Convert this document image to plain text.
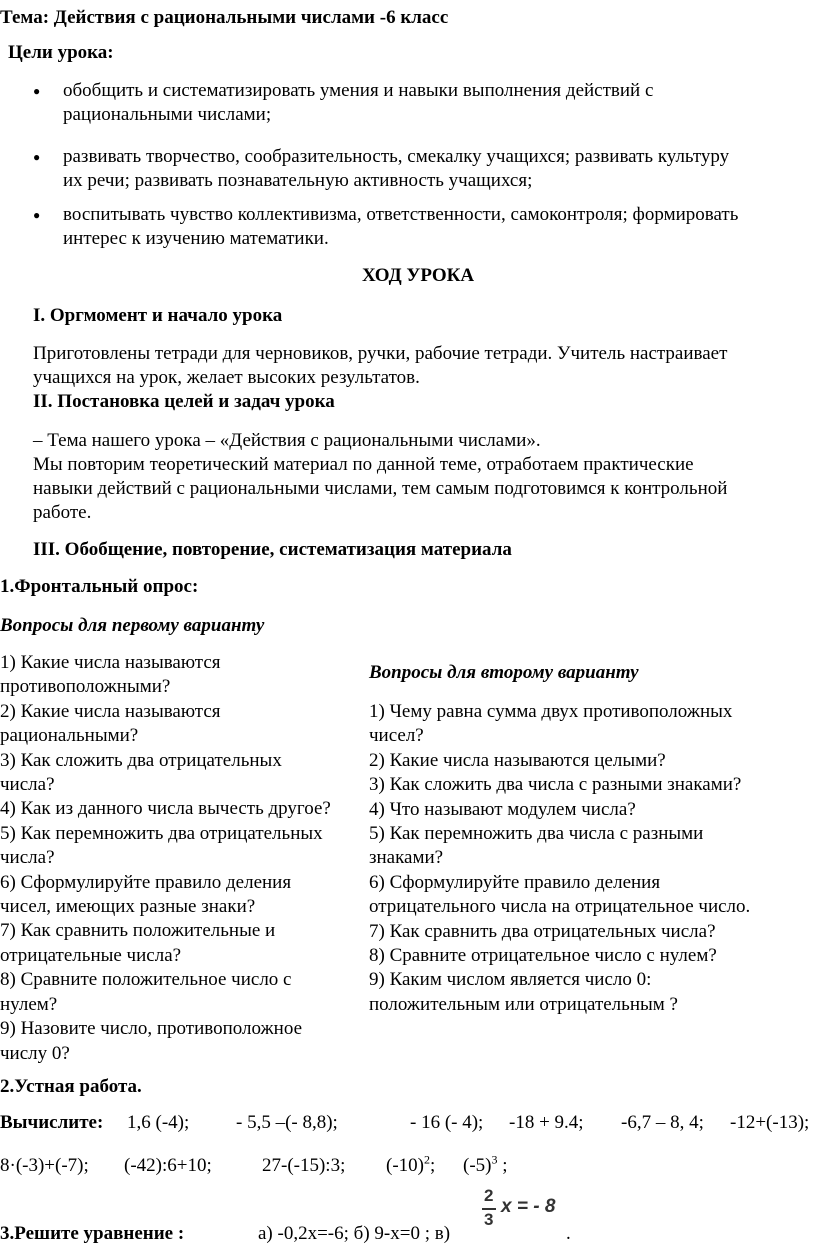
Тема: Действия с рациональными числами -6 класс
Цели урока:
● обобщить и систематизировать умения и навыки выполнения действий с
рациональными числами;
● развивать творчество, сообразительность, смекалку учащихся; развивать культуру
их речи; развивать познавательную активность учащихся;
● воспитывать чувство коллективизма, ответственности, самоконтроля; формировать
интерес к изучению математики.
ХОД УРОКА
I. Оргмомент и начало урока
Приготовлены тетради для черновиков, ручки, рабочие тетради. Учитель настраивает
учащихся на урок, желает высоких результатов.
II. Постановка целей и задач урока
– Тема нашего урока – «Действия с рациональными числами».
Мы повторим теоретический материал по данной теме, отработаем практические
навыки действий с рациональными числами, тем самым подготовимся к контрольной
работе.
III. Обобщение, повторение, систематизация материала
1.Фронтальный опрос:
Вопросы для первому варианту
1) Какие числа называются
противоположными?
2) Какие числа называются
рациональными?
3) Как сложить два отрицательных
числа?
4) Как из данного числа вычесть другое?
5) Как перемножить два отрицательных
числа?
6) Сформулируйте правило деления
чисел, имеющих разные знаки?
7) Как сравнить положительные и
отрицательные числа?
8) Сравните положительное число с
нулем?
9) Назовите число, противоположное
числу 0?
Вопросы для второму варианту
1) Чему равна сумма двух противоположных
чисел?
2) Какие числа называются целыми?
3) Как сложить два числа с разными знаками?
4) Что называют модулем числа?
5) Как перемножить два числа с разными
знаками?
6) Сформулируйте правило деления
отрицательного числа на отрицательное число.
7) Как сравнить два отрицательных числа?
8) Сравните отрицательное число с нулем?
9) Каким числом является число 0:
положительным или отрицательным ?
2.Устная работа.
Вычислите: 1,6 (-4); - 5,5 –(- 8,8);	- 16 (- 4); -18 + 9.4; -6,7 – 8, 4; -12+(-13);
8·(-3)+(-7); (-42):6+10;	27-(-15):3; $(-10)^2$; $(-5)^3$ ;
3.Решите уравнение :	а) -0,2х=-6; б) 9-х=0 ; в)
2
3
x = - 8
.
